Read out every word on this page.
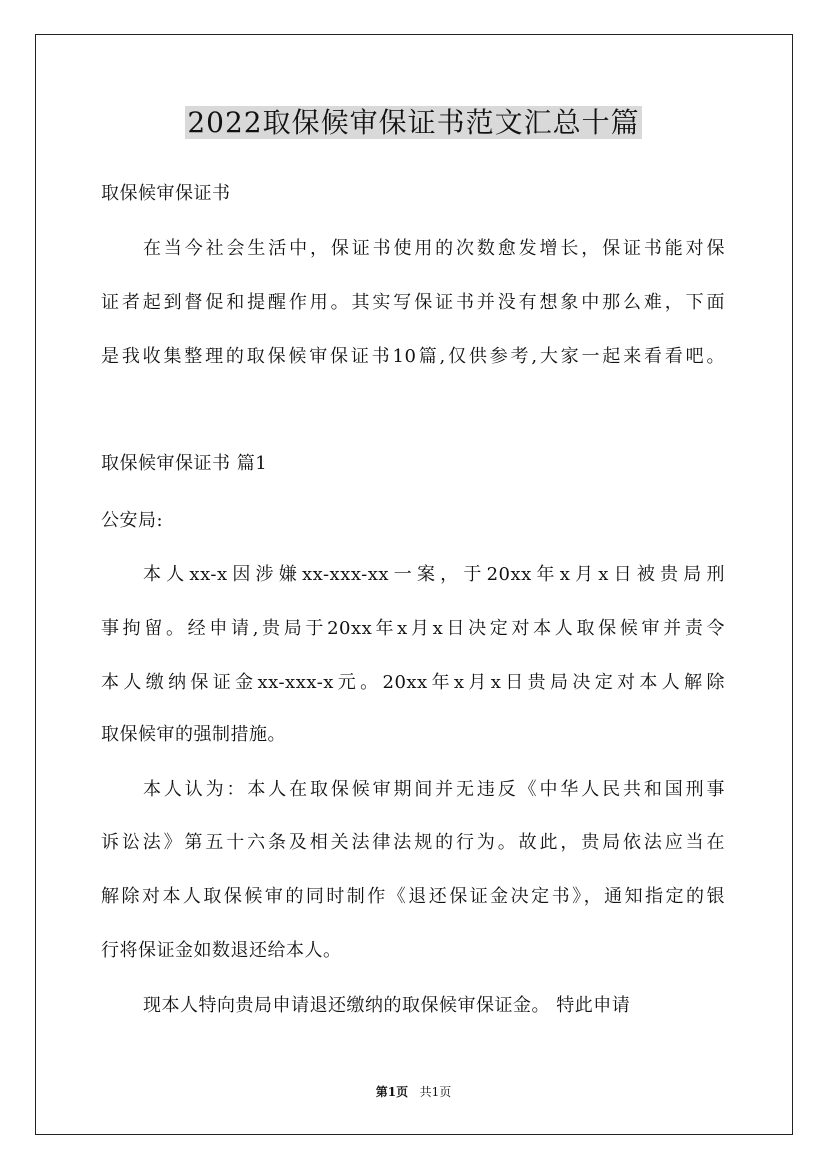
2022取保候审保证书范文汇总十篇
取保候审保证书
在当今社会生活中，保证书使用的次数愈发增长，保证书能对保
证者起到督促和提醒作用。其实写保证书并没有想象中那么难，下面
是我收集整理的取保候审保证书10篇,仅供参考,大家一起来看看吧。
取保候审保证书 篇1
公安局:
本人xx-x因涉嫌xx-xxx-xx一案，于20xx年x月x日被贵局刑
事拘留。经申请,贵局于20xx年x月x日决定对本人取保候审并责令
本人缴纳保证金xx-xxx-x元。20xx年x月x日贵局决定对本人解除
取保候审的强制措施。
本人认为：本人在取保候审期间并无违反《中华人民共和国刑事
诉讼法》第五十六条及相关法律法规的行为。故此，贵局依法应当在
解除对本人取保候审的同时制作《退还保证金决定书》，通知指定的银
行将保证金如数退还给本人。
现本人特向贵局申请退还缴纳的取保候审保证金。 特此申请
第1页 共1页
